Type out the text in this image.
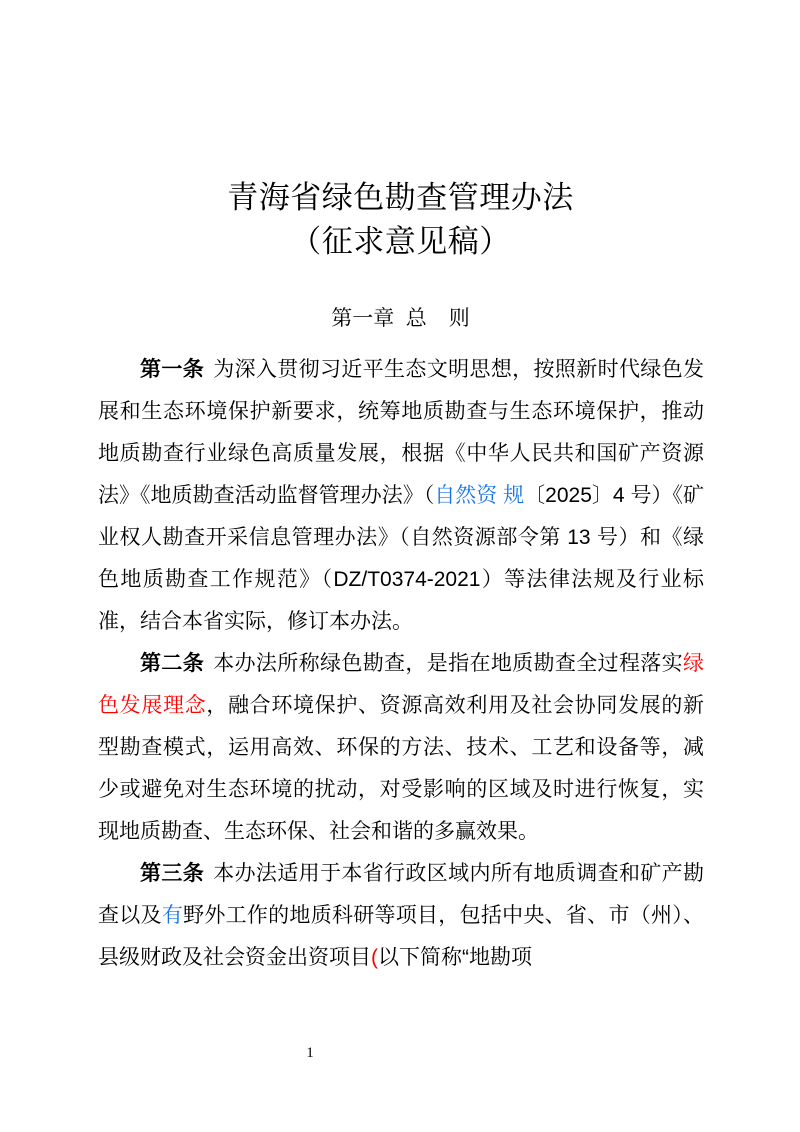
青海省绿色勘查管理办法
（征求意见稿）
第一章 总 则

第一条 为深入贯彻习近平生态文明思想，按照新时代绿色发展和生态环境保护新要求，统筹地质勘查与生态环境保护，推动地质勘查行业绿色高质量发展，根据《中华人民共和国矿产资源法》《地质勘查活动监督管理办法》（自然资 规〔2025〕4 号）《矿业权人勘查开采信息管理办法》（自然资源部令第 13 号）和《绿色地质勘查工作规范》（DZ/T0374-2021）等法律法规及行业标准，结合本省实际，修订本办法。

第二条 本办法所称绿色勘查，是指在地质勘查全过程落实绿色发展理念，融合环境保护、资源高效利用及社会协同发展的新型勘查模式，运用高效、环保的方法、技术、工艺和设备等，减少或避免对生态环境的扰动，对受影响的区域及时进行恢复，实现地质勘查、生态环保、社会和谐的多赢效果。

第三条 本办法适用于本省行政区域内所有地质调查和矿产勘查以及有野外工作的地质科研等项目，包括中央、省、市（州）、县级财政及社会资金出资项目(以下简称“地勘项

1
